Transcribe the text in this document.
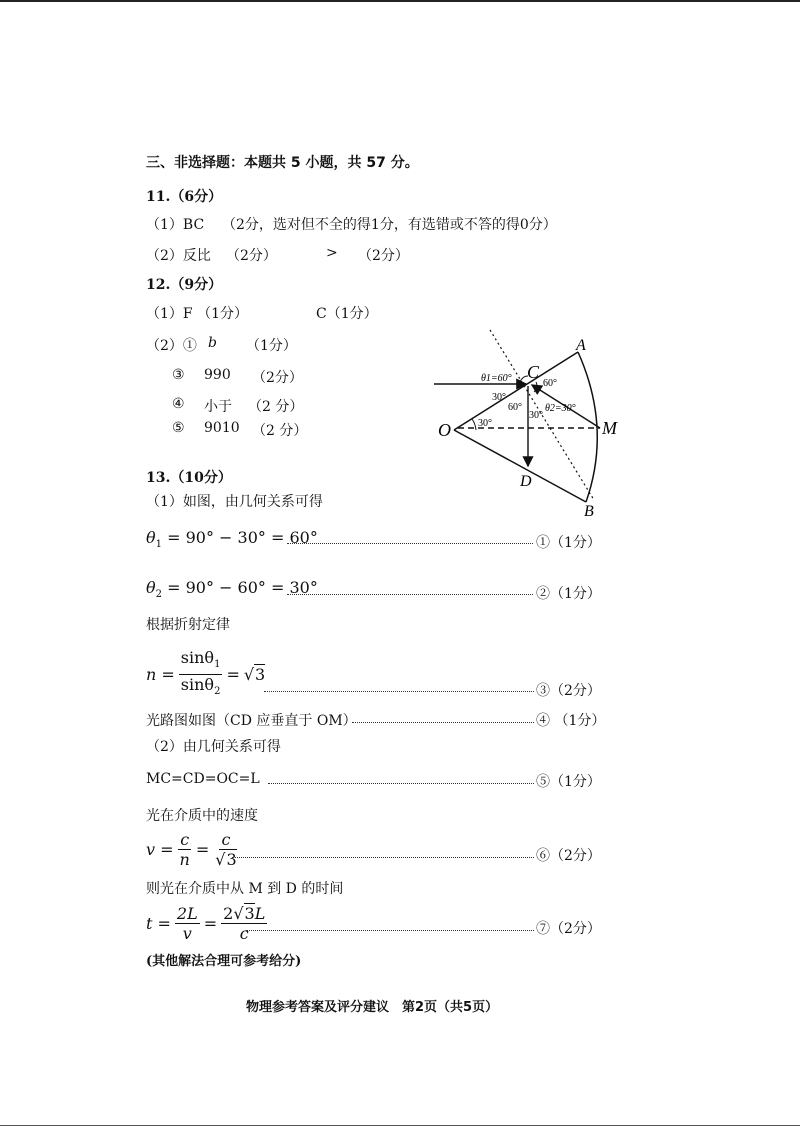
三、非选择题：本题共 5 小题，共 57 分。
11.（6分）
（1）BC （2分，选对但不全的得1分，有选错或不答的得0分）
（2）反比 （2分）	> （2分）
12.（9分）
（1）F （1分）	C（1分）
（2）① b （1分）
③ 990 （2分）
④ 小于 （2 分）
⑤ 9010 （2 分）
A
B
C
D
O	M
θ1=60°
θ2=30°
60°
30°
60°
30°
30°
13.（10分）
（1）如图，由几何关系可得
$\theta_1 = 90^\circ - 30^\circ = 60^\circ$	①（1分）
$\theta_2 = 90^\circ - 60^\circ = 30^\circ$	②（1分）
根据折射定律
$n = \frac{\sin\theta_1}{\sin\theta_2} = √3$
③（2分）
光路图如图（CD 应垂直于 OM）	④ （1分）
（2）由几何关系可得
MC=CD=OC=L	⑤（1分）
光在介质中的速度
$v = \frac{c}{n} = \frac{c}{√3}$	⑥（2分）
则光在介质中从 M 到 D 的时间
$t = \frac{2L}{v} = \frac{2√3L}{c}$	⑦（2分）
(其他解法合理可参考给分)
物理参考答案及评分建议　第2页（共5页）
